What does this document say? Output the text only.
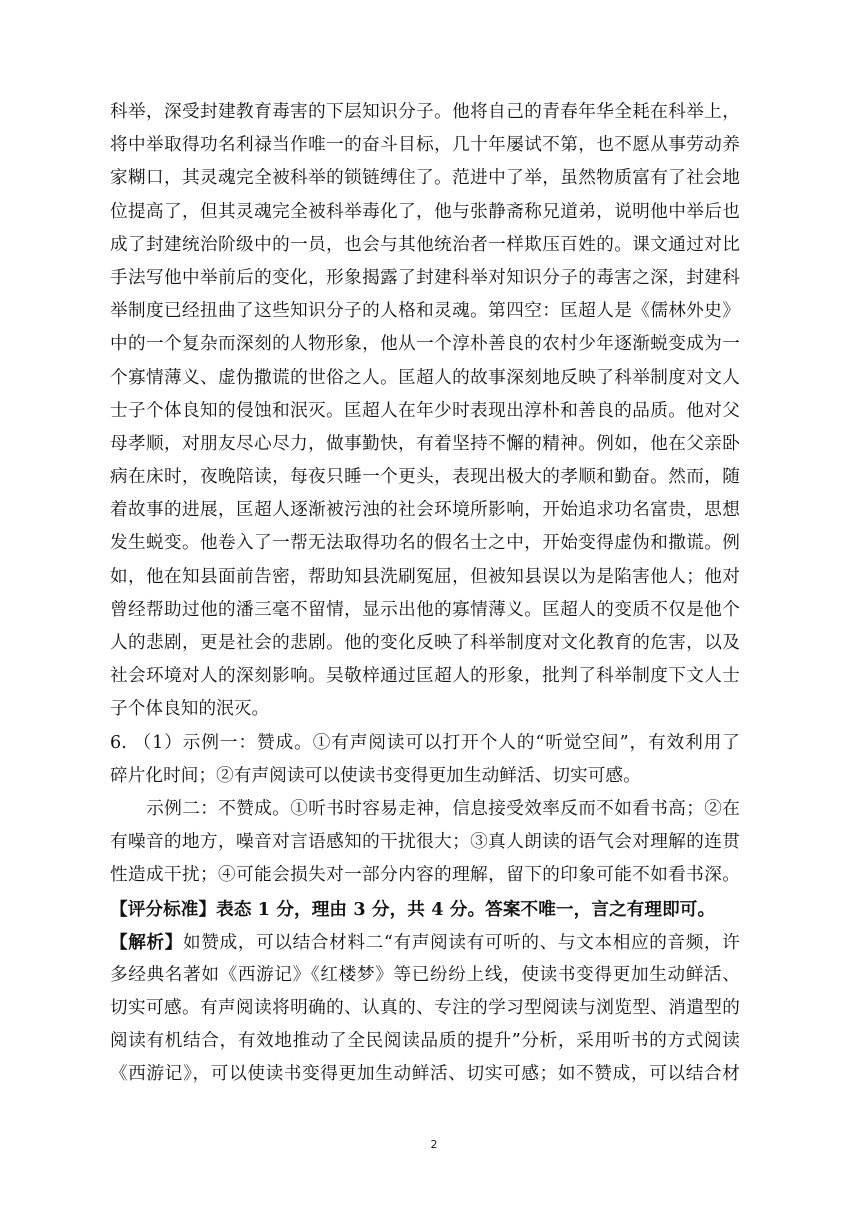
科举，深受封建教育毒害的下层知识分子。他将自己的青春年华全耗在科举上，
将中举取得功名利禄当作唯一的奋斗目标，几十年屡试不第，也不愿从事劳动养
家糊口，其灵魂完全被科举的锁链缚住了。范进中了举，虽然物质富有了社会地
位提高了，但其灵魂完全被科举毒化了，他与张静斋称兄道弟，说明他中举后也
成了封建统治阶级中的一员，也会与其他统治者一样欺压百姓的。课文通过对比
手法写他中举前后的变化，形象揭露了封建科举对知识分子的毒害之深，封建科
举制度已经扭曲了这些知识分子的人格和灵魂。第四空：匡超人是《儒林外史》
中的一个复杂而深刻的人物形象，他从一个淳朴善良的农村少年逐渐蜕变成为一
个寡情薄义、虚伪撒谎的世俗之人。匡超人的故事深刻地反映了科举制度对文人
士子个体良知的侵蚀和泯灭。匡超人在年少时表现出淳朴和善良的品质。他对父
母孝顺，对朋友尽心尽力，做事勤快，有着坚持不懈的精神。例如，他在父亲卧
病在床时，夜晚陪读，每夜只睡一个更头，表现出极大的孝顺和勤奋。然而，随
着故事的进展，匡超人逐渐被污浊的社会环境所影响，开始追求功名富贵，思想
发生蜕变。他卷入了一帮无法取得功名的假名士之中，开始变得虚伪和撒谎。例
如，他在知县面前告密，帮助知县洗刷冤屈，但被知县误以为是陷害他人；他对
曾经帮助过他的潘三毫不留情，显示出他的寡情薄义。匡超人的变质不仅是他个
人的悲剧，更是社会的悲剧。他的变化反映了科举制度对文化教育的危害，以及
社会环境对人的深刻影响。吴敬梓通过匡超人的形象，批判了科举制度下文人士
子个体良知的泯灭。
6. （1）示例一：赞成。①有声阅读可以打开个人的“听觉空间”，有效利用了
碎片化时间；②有声阅读可以使读书变得更加生动鲜活、切实可感。
示例二：不赞成。①听书时容易走神，信息接受效率反而不如看书高；②在
有噪音的地方，噪音对言语感知的干扰很大；③真人朗读的语气会对理解的连贯
性造成干扰；④可能会损失对一部分内容的理解，留下的印象可能不如看书深。
【评分标准】表态 1 分，理由 3 分，共 4 分。答案不唯一，言之有理即可。
【解析】如赞成，可以结合材料二“有声阅读有可听的、与文本相应的音频，许
多经典名著如《西游记》《红楼梦》等已纷纷上线，使读书变得更加生动鲜活、
切实可感。有声阅读将明确的、认真的、专注的学习型阅读与浏览型、消遣型的
阅读有机结合，有效地推动了全民阅读品质的提升”分析，采用听书的方式阅读
《西游记》，可以使读书变得更加生动鲜活、切实可感；如不赞成，可以结合材
2
